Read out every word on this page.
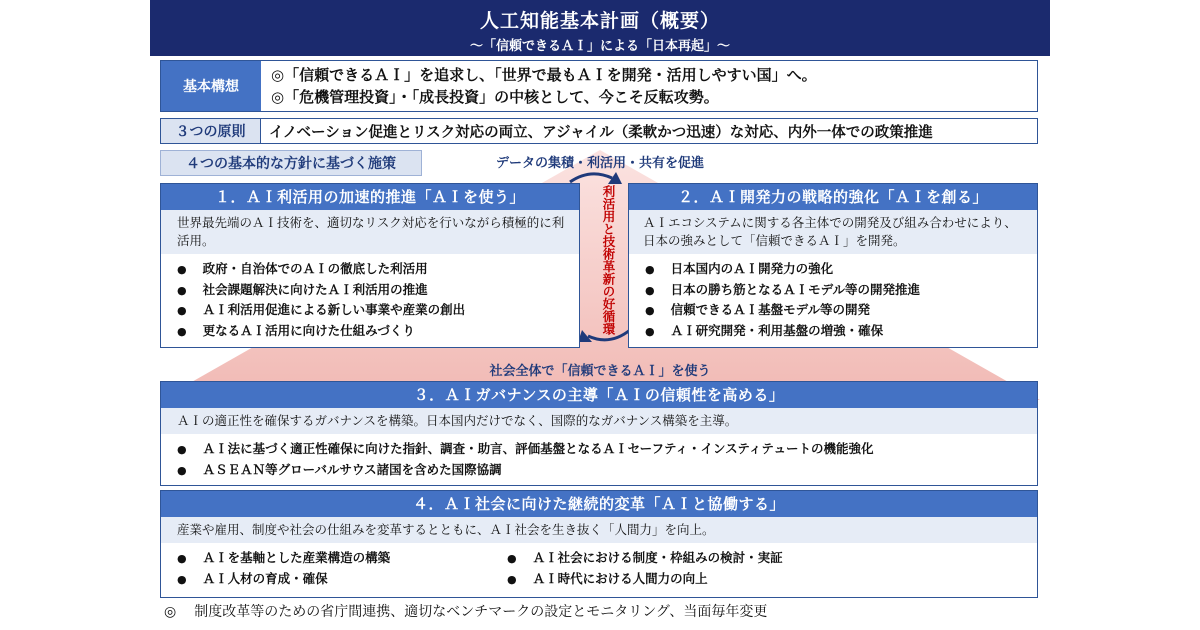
人工知能基本計画（概要）
～「信頼できるＡＩ」による「日本再起」～
基本構想
◎「信頼できるＡＩ」を追求し、「世界で最もＡＩを開発・活用しやすい国」へ。
◎「危機管理投資」・「成長投資」の中核として、今こそ反転攻勢。
３つの原則	イノベーション促進とリスク対応の両立、アジャイル（柔軟かつ迅速）な対応、内外一体での政策推進
４つの基本的な方針に基づく施策	データの集積・利活用・共有を促進
１．ＡＩ利活用の加速的推進「ＡＩを使う」
世界最先端のＡＩ技術を、適切なリスク対応を行いながら積極的に利活用。
● 政府・自治体でのＡＩの徹底した利活用
● 社会課題解決に向けたＡＩ利活用の推進
● ＡＩ利活用促進による新しい事業や産業の創出
● 更なるＡＩ活用に向けた仕組みづくり	利活用と技術革新の好循環	２．ＡＩ開発力の戦略的強化「ＡＩを創る」
ＡＩエコシステムに関する各主体での開発及び組み合わせにより、日本の強みとして「信頼できるＡＩ」を開発。
● 日本国内のＡＩ開発力の強化
● 日本の勝ち筋となるＡＩモデル等の開発推進
● 信頼できるＡＩ基盤モデル等の開発
● ＡＩ研究開発・利用基盤の増強・確保
社会全体で「信頼できるＡＩ」を使う
３．ＡＩガバナンスの主導「ＡＩの信頼性を高める」
ＡＩの適正性を確保するガバナンスを構築。日本国内だけでなく、国際的なガバナンス構築を主導。
● ＡＩ法に基づく適正性確保に向けた指針、調査・助言、評価基盤となるＡＩセーフティ・インスティテュートの機能強化
● ＡＳＥＡＮ等グローバルサウス諸国を含めた国際協調
４．ＡＩ社会に向けた継続的変革「ＡＩと協働する」
産業や雇用、制度や社会の仕組みを変革するとともに、ＡＩ社会を生き抜く「人間力」を向上。
● ＡＩを基軸とした産業構造の構築
● ＡＩ人材の育成・確保
● ＡＩ社会における制度・枠組みの検討・実証
● ＡＩ時代における人間力の向上
◎ 制度改革等のための省庁間連携、適切なベンチマークの設定とモニタリング、当面毎年変更
